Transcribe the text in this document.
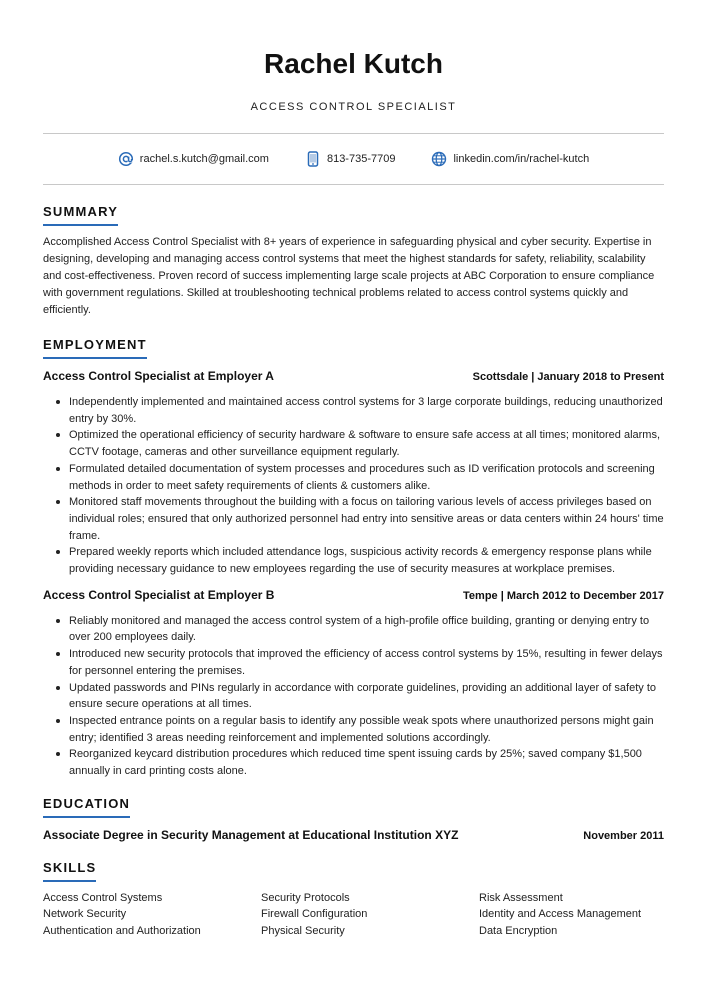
Rachel Kutch
ACCESS CONTROL SPECIALIST
rachel.s.kutch@gmail.com	813-735-7709	linkedin.com/in/rachel-kutch
SUMMARY

Accomplished Access Control Specialist with 8+ years of experience in safeguarding physical and cyber security. Expertise in designing, developing and managing access control systems that meet the highest standards for safety, reliability, scalability and cost-effectiveness. Proven record of success implementing large scale projects at ABC Corporation to ensure compliance with government regulations. Skilled at troubleshooting technical problems related to access control systems quickly and efficiently.

EMPLOYMENT
Access Control Specialist at Employer A	Scottsdale | January 2018 to Present
Independently implemented and maintained access control systems for 3 large corporate buildings, reducing unauthorized entry by 30%.
Optimized the operational efficiency of security hardware & software to ensure safe access at all times; monitored alarms, CCTV footage, cameras and other surveillance equipment regularly.
Formulated detailed documentation of system processes and procedures such as ID verification protocols and screening methods in order to meet safety requirements of clients & customers alike.
Monitored staff movements throughout the building with a focus on tailoring various levels of access privileges based on individual roles; ensured that only authorized personnel had entry into sensitive areas or data centers within 24 hours' time frame.
Prepared weekly reports which included attendance logs, suspicious activity records & emergency response plans while providing necessary guidance to new employees regarding the use of security measures at workplace premises.
Access Control Specialist at Employer B	Tempe | March 2012 to December 2017
Reliably monitored and managed the access control system of a high-profile office building, granting or denying entry to over 200 employees daily.
Introduced new security protocols that improved the efficiency of access control systems by 15%, resulting in fewer delays for personnel entering the premises.
Updated passwords and PINs regularly in accordance with corporate guidelines, providing an additional layer of safety to ensure secure operations at all times.
Inspected entrance points on a regular basis to identify any possible weak spots where unauthorized persons might gain entry; identified 3 areas needing reinforcement and implemented solutions accordingly.
Reorganized keycard distribution procedures which reduced time spent issuing cards by 25%; saved company $1,500 annually in card printing costs alone.
EDUCATION
Associate Degree in Security Management at Educational Institution XYZ	November 2011
SKILLS
Access Control Systems	Security Protocols	Risk Assessment
Network Security	Firewall Configuration	Identity and Access Management
Authentication and Authorization	Physical Security	Data Encryption
